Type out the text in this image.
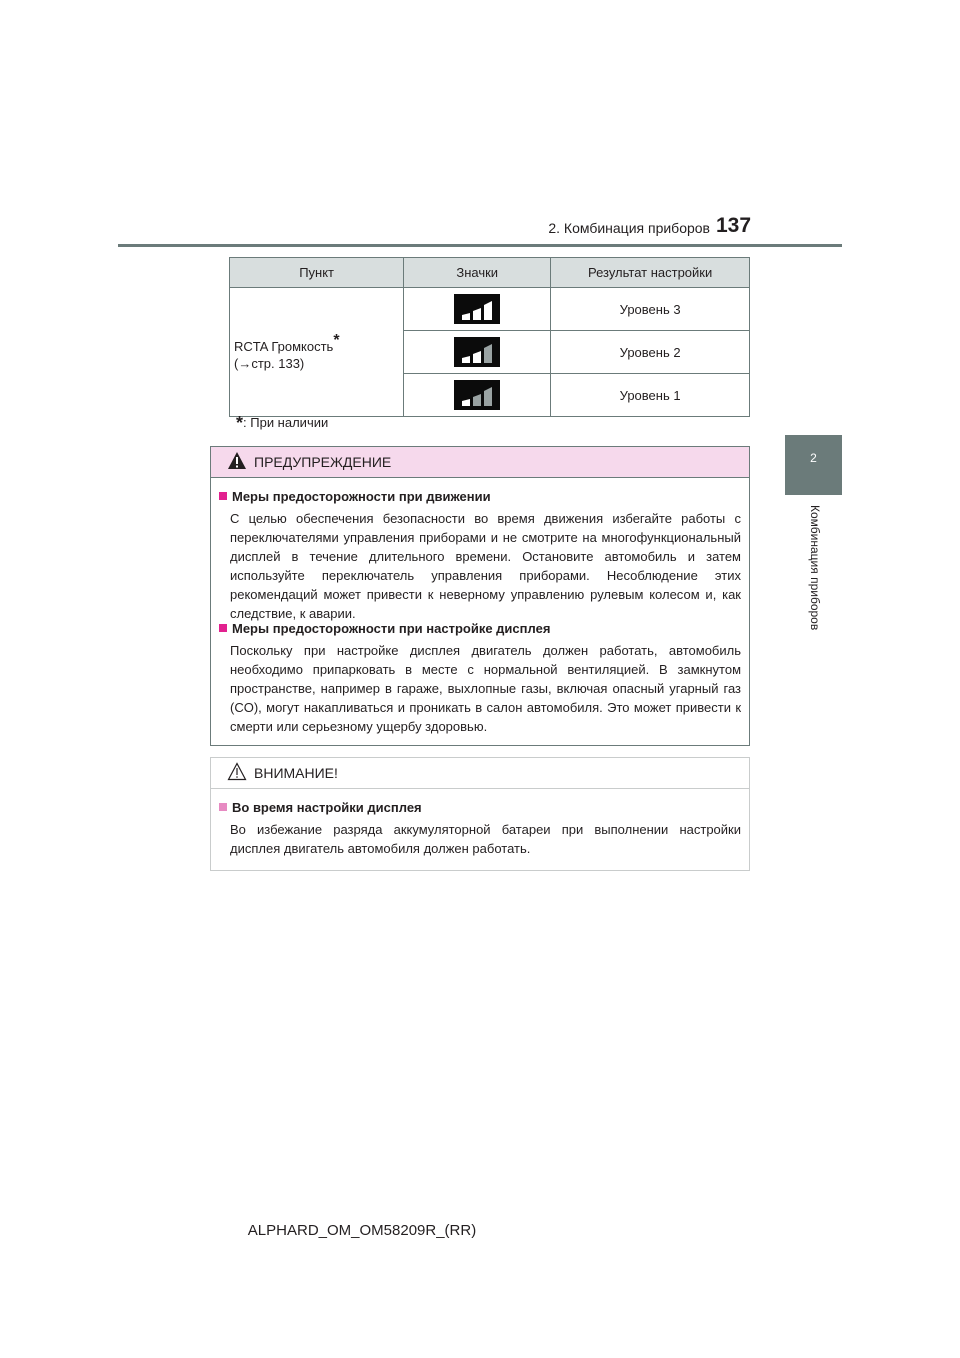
2. Комбинация приборов 137
2
Комбинация приборов
Пункт	Значки	Результат настройки
RCTA Громкость*
(→стр. 133)		Уровень 3

	Уровень 2

	Уровень 1
*: При наличии
ПРЕДУПРЕЖДЕНИЕ
Меры предосторожности при движении
С целью обеспечения безопасности во время движения избегайте работы с переключателями управления приборами и не смотрите на многофункциональный дисплей в течение длительного времени. Остановите автомобиль и затем используйте переключатель управления приборами. Несоблюдение этих рекомендаций может привести к неверному управлению рулевым колесом и, как следствие, к аварии.
Меры предосторожности при настройке дисплея
Поскольку при настройке дисплея двигатель должен работать, автомобиль необходимо припарковать в месте с нормальной вентиляцией. В замкнутом пространстве, например в гараже, выхлопные газы, включая опасный угарный газ (CO), могут накапливаться и проникать в салон автомобиля. Это может привести к смерти или серьезному ущербу здоровью.
ВНИМАНИЕ!
Во время настройки дисплея
Во избежание разряда аккумуляторной батареи при выполнении настройки дисплея двигатель автомобиля должен работать.
ALPHARD_OM_OM58209R_(RR)
